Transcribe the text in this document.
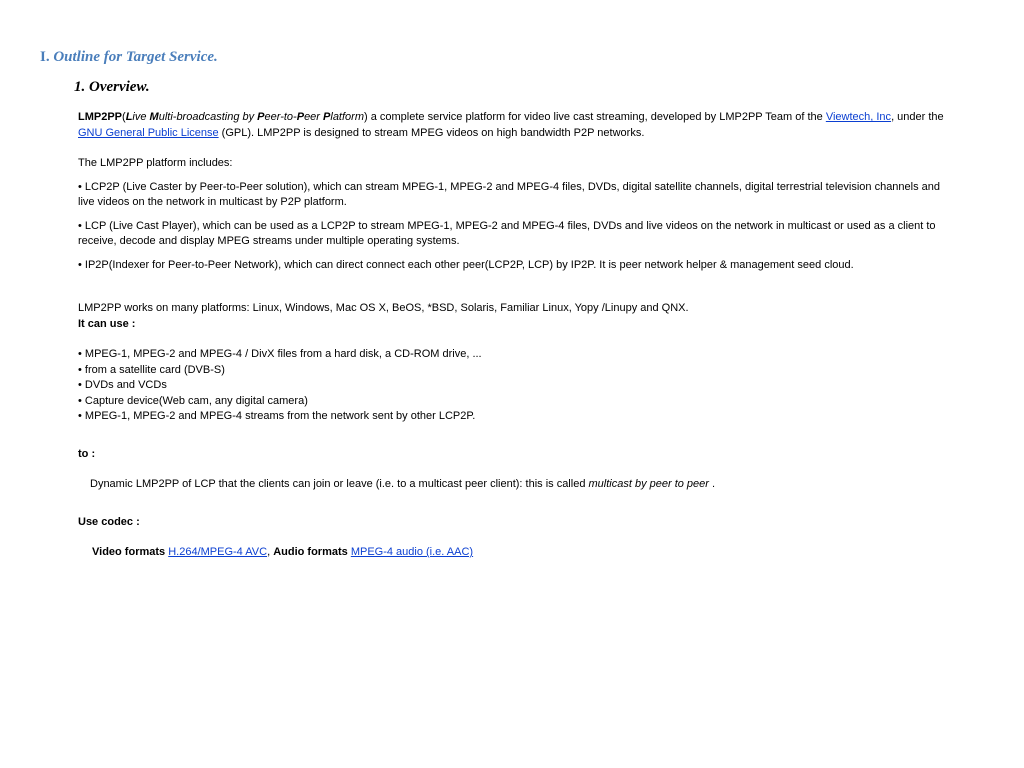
I. Outline for Target Service.
1. Overview.

LMP2PP(Live Multi-broadcasting by Peer-to-Peer Platform) a complete service platform for video live cast streaming, developed by LMP2PP Team of the Viewtech, Inc, under the GNU General Public License (GPL). LMP2PP is designed to stream MPEG videos on high bandwidth P2P networks.

The LMP2PP platform includes:

• LCP2P (Live Caster by Peer-to-Peer solution), which can stream MPEG-1, MPEG-2 and MPEG-4 files, DVDs, digital satellite channels, digital terrestrial television channels and live videos on the network in multicast by P2P platform.

• LCP (Live Cast Player), which can be used as a LCP2P to stream MPEG-1, MPEG-2 and MPEG-4 files, DVDs and live videos on the network in multicast or used as a client to receive, decode and display MPEG streams under multiple operating systems.

• IP2P(Indexer for Peer-to-Peer Network), which can direct connect each other peer(LCP2P, LCP) by IP2P. It is peer network helper & management seed cloud.

LMP2PP works on many platforms: Linux, Windows, Mac OS X, BeOS, *BSD, Solaris, Familiar Linux, Yopy /Linupy and QNX.

It can use :

• MPEG-1, MPEG-2 and MPEG-4 / DivX files from a hard disk, a CD-ROM drive, ...

• from a satellite card (DVB-S)

• DVDs and VCDs

• Capture device(Web cam, any digital camera)

• MPEG-1, MPEG-2 and MPEG-4 streams from the network sent by other LCP2P.

to :

Dynamic LMP2PP of LCP that the clients can join or leave (i.e. to a multicast peer client): this is called multicast by peer to peer .

Use codec :

Video formats H.264/MPEG-4 AVC, Audio formats MPEG-4 audio (i.e. AAC)
